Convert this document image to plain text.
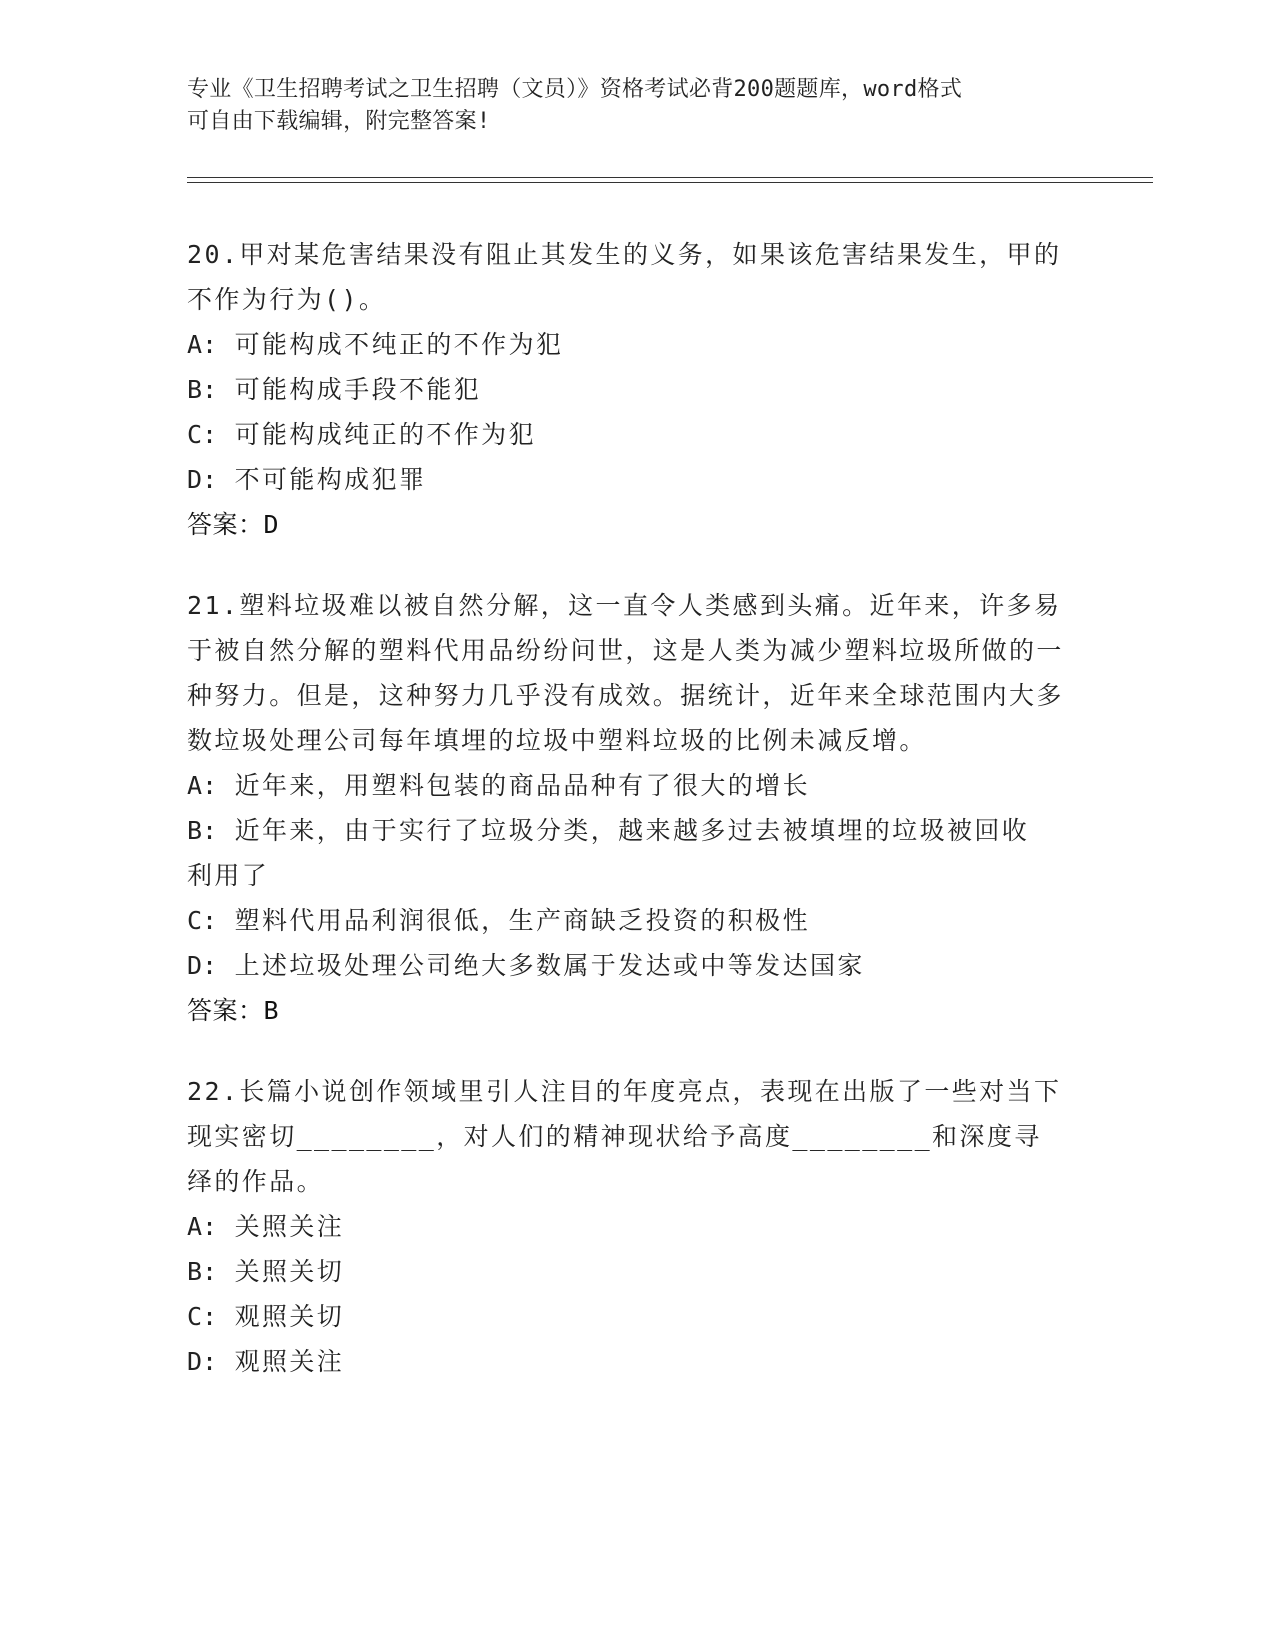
专业《卫生招聘考试之卫生招聘（文员）》资格考试必背200题题库，word格式
可自由下载编辑，附完整答案!
20.甲对某危害结果没有阻止其发生的义务，如果该危害结果发生，甲的不作为行为()。
A: 可能构成不纯正的不作为犯
B: 可能构成手段不能犯
C: 可能构成纯正的不作为犯
D: 不可能构成犯罪
答案：D
21.塑料垃圾难以被自然分解，这一直令人类感到头痛。近年来，许多易于被自然分解的塑料代用品纷纷问世，这是人类为减少塑料垃圾所做的一种努力。但是，这种努力几乎没有成效。据统计，近年来全球范围内大多数垃圾处理公司每年填埋的垃圾中塑料垃圾的比例未减反增。
A: 近年来，用塑料包装的商品品种有了很大的增长
B: 近年来，由于实行了垃圾分类，越来越多过去被填埋的垃圾被回收
利用了
C: 塑料代用品利润很低，生产商缺乏投资的积极性
D: 上述垃圾处理公司绝大多数属于发达或中等发达国家
答案：B
22.长篇小说创作领域里引人注目的年度亮点，表现在出版了一些对当下现实密切________，对人们的精神现状给予高度________和深度寻绎的作品。
A: 关照关注
B: 关照关切
C: 观照关切
D: 观照关注
